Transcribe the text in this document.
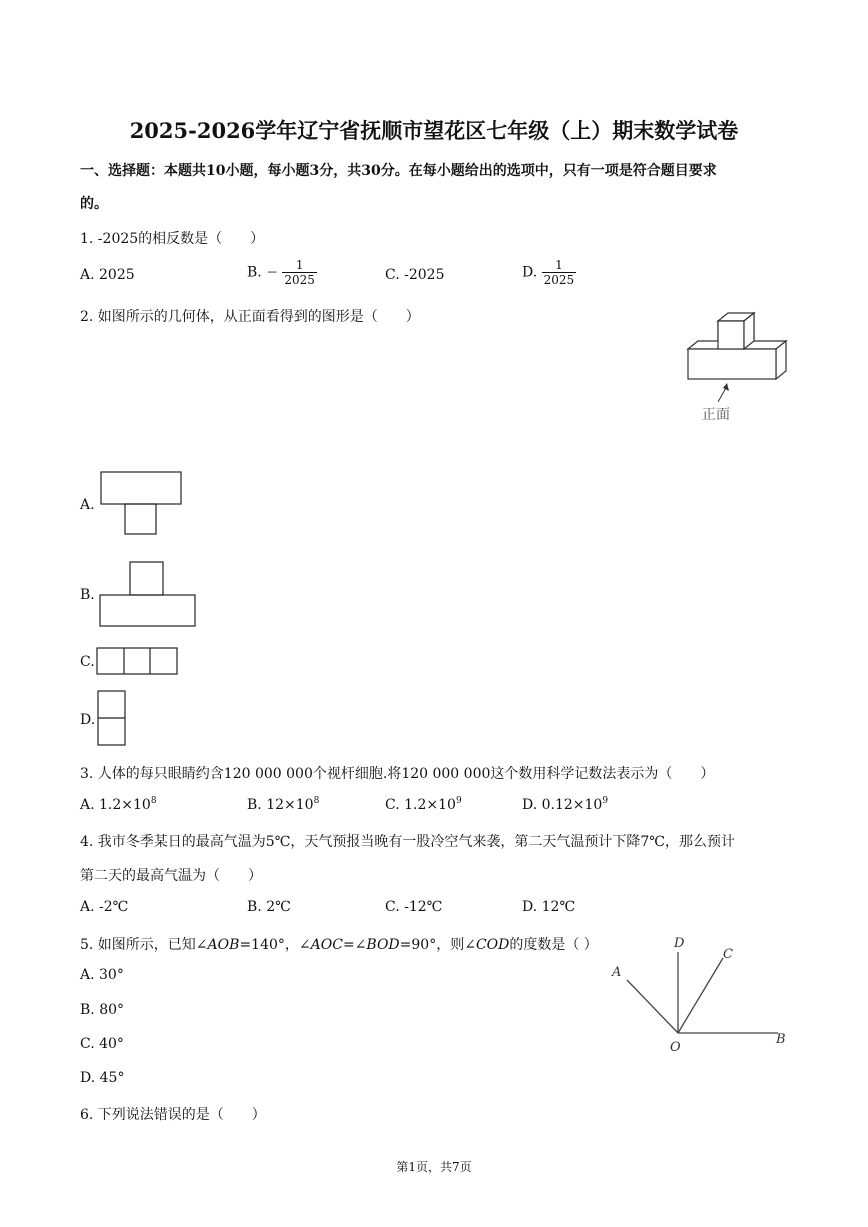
2025-2026学年辽宁省抚顺市望花区七年级（上）期末数学试卷
一、选择题：本题共10小题，每小题3分，共30分。在每小题给出的选项中，只有一项是符合题目要求
的。
1. -2025的相反数是（　　）
A. 2025	B. − $\frac{1}{2025}$	C. -2025	D. $\frac{1}{2025}$
2. 如图所示的几何体，从正面看得到的图形是（　　）
正面
A.
B.
C.
D.
3. 人体的每只眼睛约含120 000 000个视杆细胞.将120 000 000这个数用科学记数法表示为（　　）
A. $1.2\times 10^8$	B. $12\times 10^8$	C. $1.2\times 10^9$	D. $0.12\times 10^9$
4. 我市冬季某日的最高气温为5℃，天气预报当晚有一股冷空气来袭，第二天气温预计下降7℃，那么预计
第二天的最高气温为（　　）
A. -2℃	B. 2℃	C. -12℃	D. 12℃
5. 如图所示，已知∠AOB=140°，∠AOC=∠BOD=90°，则∠COD的度数是（ ）
A. 30°
B. 80°
C. 40°
D. 45°
A
D
C
B
O
6. 下列说法错误的是（　　）
第1页，共7页
